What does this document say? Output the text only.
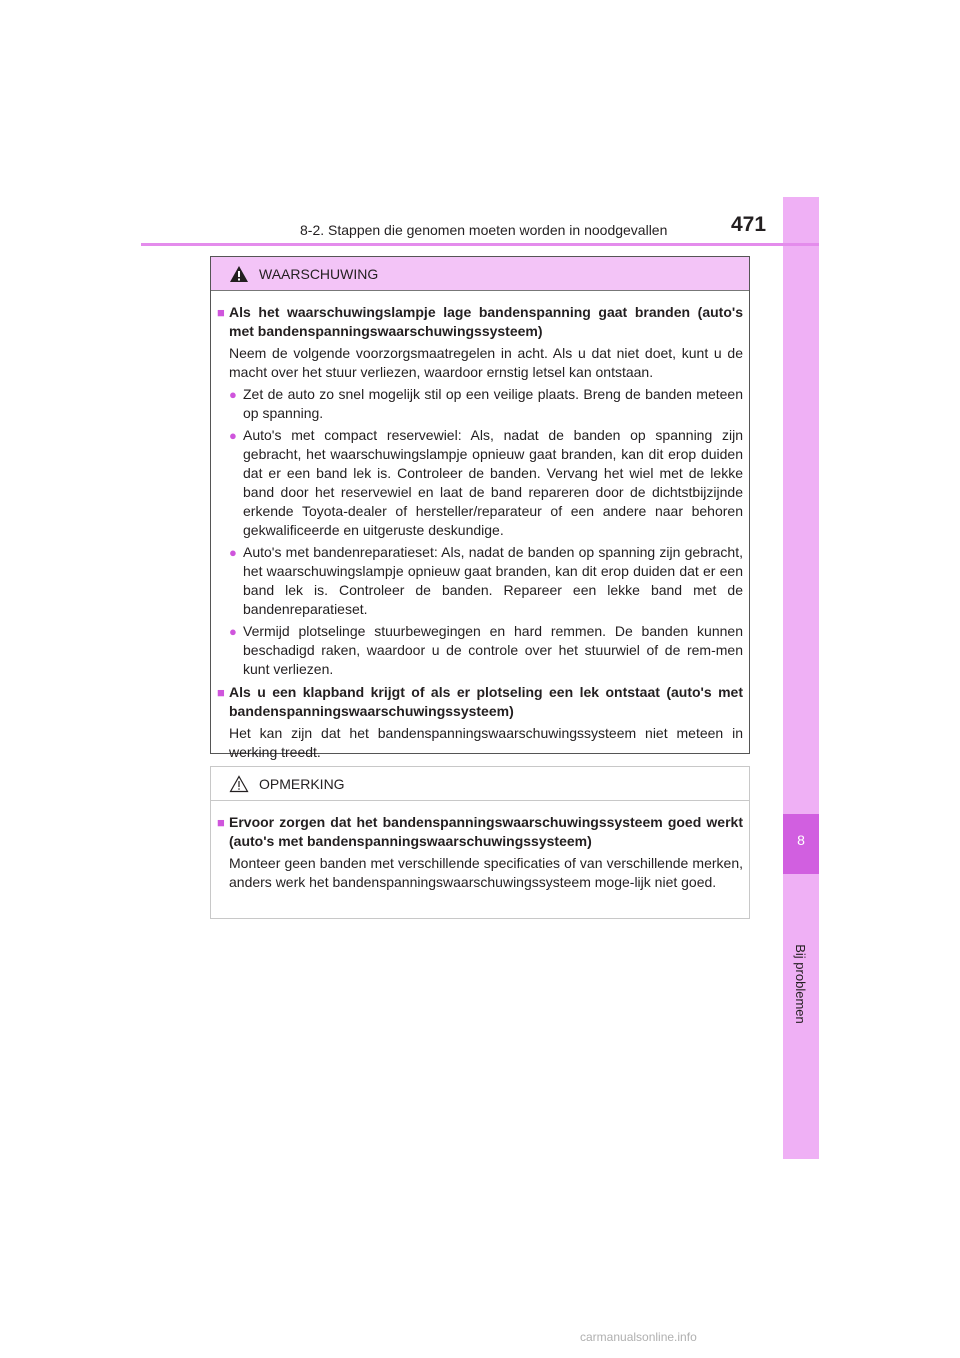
8
Bij problemen
8-2. Stappen die genomen moeten worden in noodgevallen	471
WAARSCHUWING
■ Als het waarschuwingslampje lage bandenspanning gaat branden (auto's met bandenspanningswaarschuwingssysteem)
Neem de volgende voorzorgsmaatregelen in acht. Als u dat niet doet, kunt u de macht over het stuur verliezen, waardoor ernstig letsel kan ontstaan.
● Zet de auto zo snel mogelijk stil op een veilige plaats. Breng de banden meteen op spanning.
● Auto's met compact reservewiel: Als, nadat de banden op spanning zijn gebracht, het waarschuwingslampje opnieuw gaat branden, kan dit erop duiden dat er een band lek is. Controleer de banden. Vervang het wiel met de lekke band door het reservewiel en laat de band repareren door de dichtstbijzijnde erkende Toyota-dealer of hersteller/reparateur of een andere naar behoren gekwalificeerde en uitgeruste deskundige.
● Auto's met bandenreparatieset: Als, nadat de banden op spanning zijn gebracht, het waarschuwingslampje opnieuw gaat branden, kan dit erop duiden dat er een band lek is. Controleer de banden. Repareer een lekke band met de bandenreparatieset.
● Vermijd plotselinge stuurbewegingen en hard remmen. De banden kunnen beschadigd raken, waardoor u de controle over het stuurwiel of de rem-men kunt verliezen.
■ Als u een klapband krijgt of als er plotseling een lek ontstaat (auto's met bandenspanningswaarschuwingssysteem)
Het kan zijn dat het bandenspanningswaarschuwingssysteem niet meteen in werking treedt.
OPMERKING
■ Ervoor zorgen dat het bandenspanningswaarschuwingssysteem goed werkt (auto's met bandenspanningswaarschuwingssysteem)
Monteer geen banden met verschillende specificaties of van verschillende merken, anders werk het bandenspanningswaarschuwingssysteem moge-lijk niet goed.
carmanualsonline.info
